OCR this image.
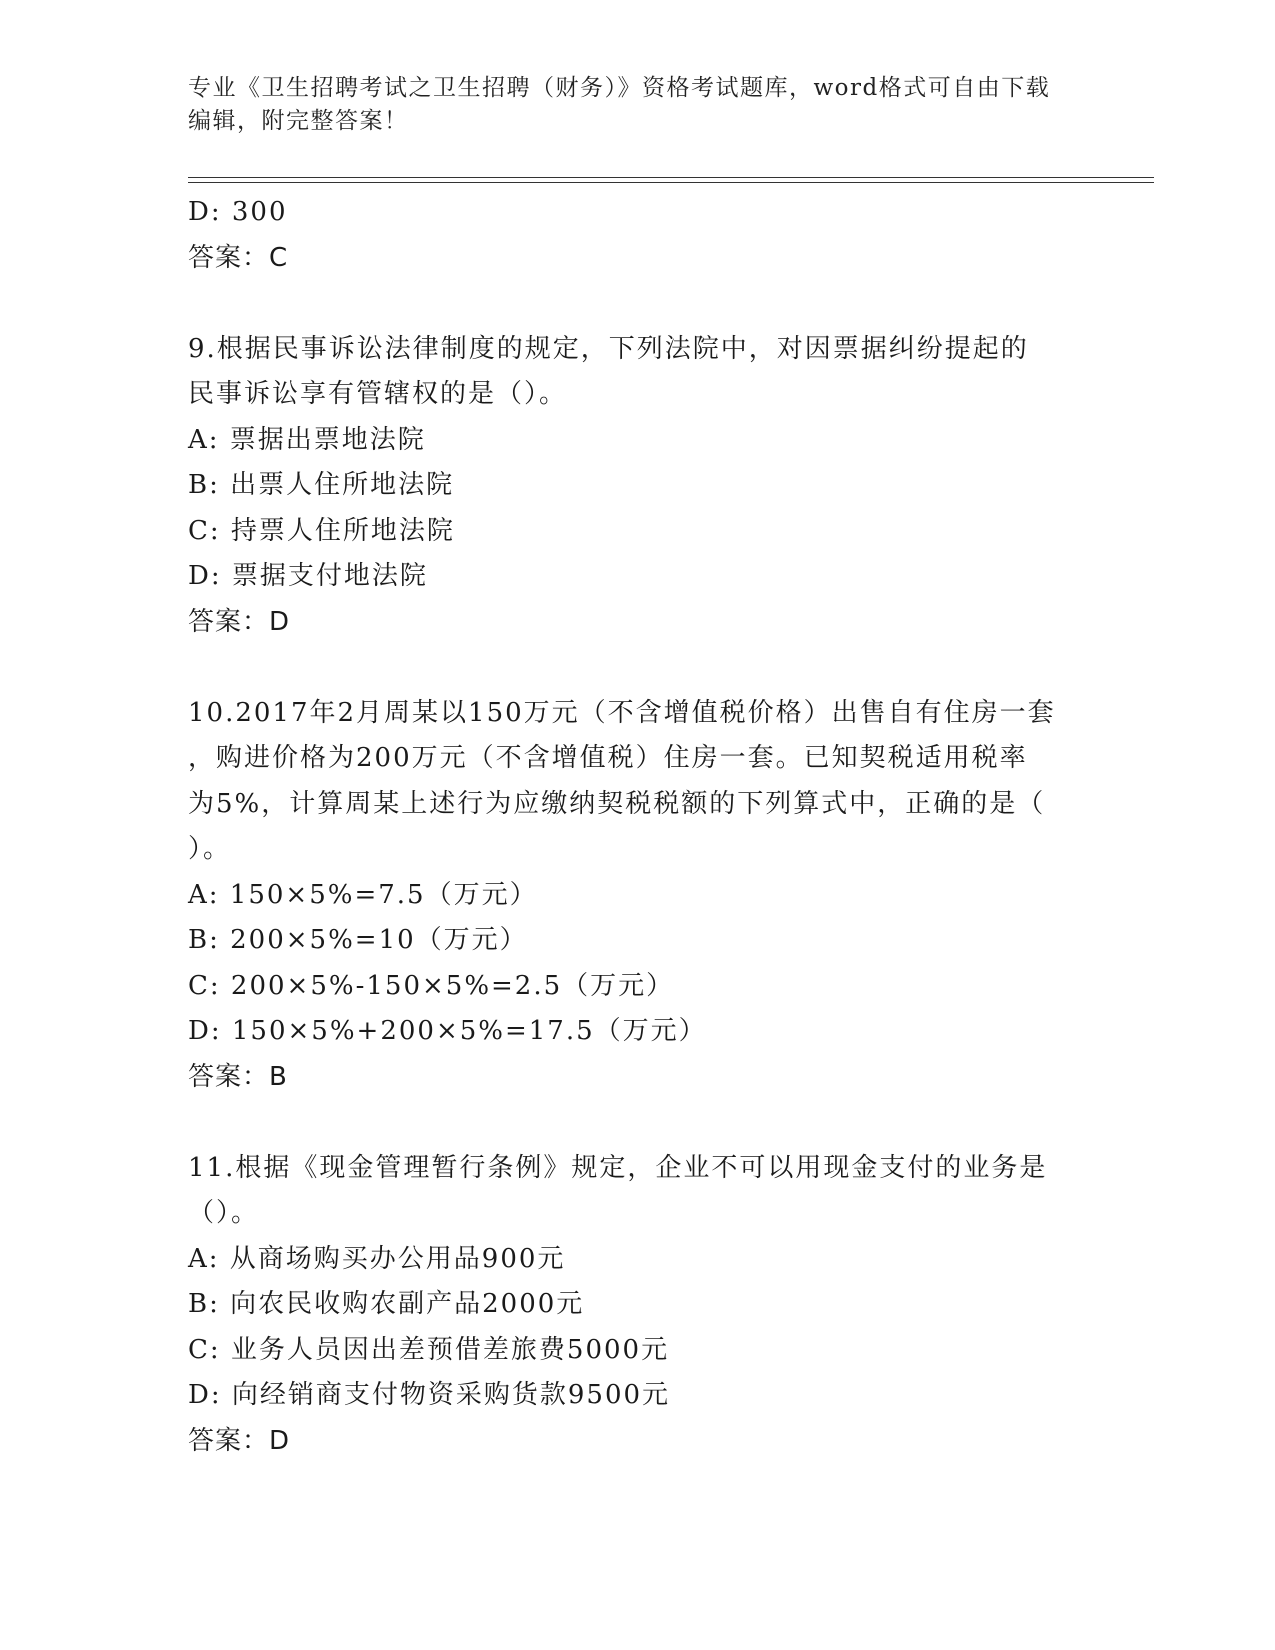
专业《卫生招聘考试之卫生招聘（财务）》资格考试题库，word格式可自由下载
编辑，附完整答案！
D: 300
答案：C
9.根据民事诉讼法律制度的规定，下列法院中，对因票据纠纷提起的
民事诉讼享有管辖权的是（）。
A: 票据出票地法院
B: 出票人住所地法院
C: 持票人住所地法院
D: 票据支付地法院
答案：D
10.2017年2月周某以150万元（不含增值税价格）出售自有住房一套
，购进价格为200万元（不含增值税）住房一套。已知契税适用税率
为5%，计算周某上述行为应缴纳契税税额的下列算式中，正确的是（
）。
A: 150×5%=7.5（万元）
B: 200×5%=10（万元）
C: 200×5%-150×5%=2.5（万元）
D: 150×5%+200×5%=17.5（万元）
答案：B
11.根据《现金管理暂行条例》规定，企业不可以用现金支付的业务是
（）。
A: 从商场购买办公用品900元
B: 向农民收购农副产品2000元
C: 业务人员因出差预借差旅费5000元
D: 向经销商支付物资采购货款9500元
答案：D
